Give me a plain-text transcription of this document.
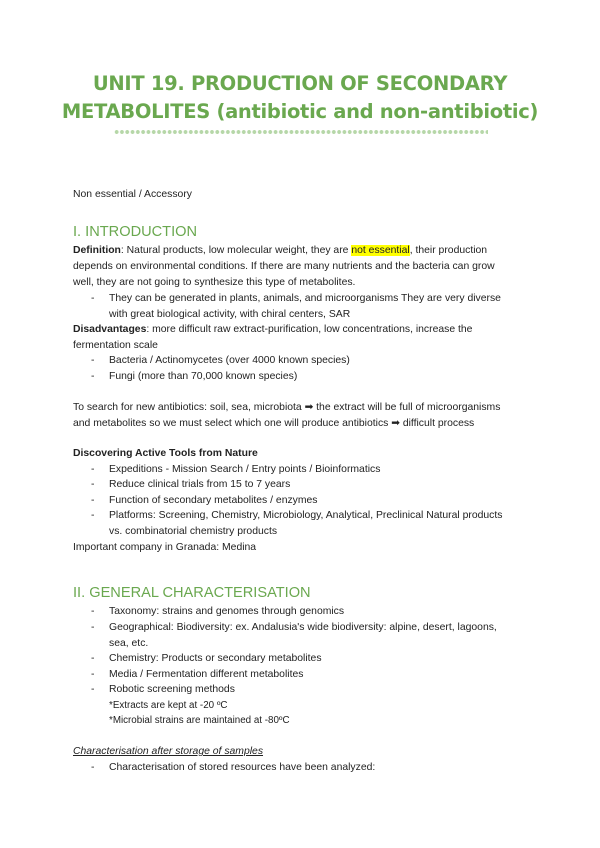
UNIT 19. PRODUCTION OF SECONDARY
METABOLITES (antibiotic and non-antibiotic)
Non essential / Accessory
I. INTRODUCTION
Definition: Natural products, low molecular weight, they are not essential, their production
depends on environmental conditions. If there are many nutrients and the bacteria can grow
well, they are not going to synthesize this type of metabolites.
- They can be generated in plants, animals, and microorganisms They are very diverse
with great biological activity, with chiral centers, SAR
Disadvantages: more difficult raw extract-purification, low concentrations, increase the
fermentation scale
- Bacteria / Actinomycetes (over 4000 known species)
- Fungi (more than 70,000 known species)
To search for new antibiotics: soil, sea, microbiota ➡ the extract will be full of microorganisms
and metabolites so we must select which one will produce antibiotics ➡ difficult process
Discovering Active Tools from Nature
- Expeditions - Mission Search / Entry points / Bioinformatics
- Reduce clinical trials from 15 to 7 years
- Function of secondary metabolites / enzymes
- Platforms: Screening, Chemistry, Microbiology, Analytical, Preclinical Natural products
vs. combinatorial chemistry products
Important company in Granada: Medina
II. GENERAL CHARACTERISATION
- Taxonomy: strains and genomes through genomics
- Geographical: Biodiversity: ex. Andalusia's wide biodiversity: alpine, desert, lagoons,
sea, etc.
- Chemistry: Products or secondary metabolites
- Media / Fermentation different metabolites
- Robotic screening methods
*Extracts are kept at -20 ºC
*Microbial strains are maintained at -80ºC
Characterisation after storage of samples
- Characterisation of stored resources have been analyzed:
